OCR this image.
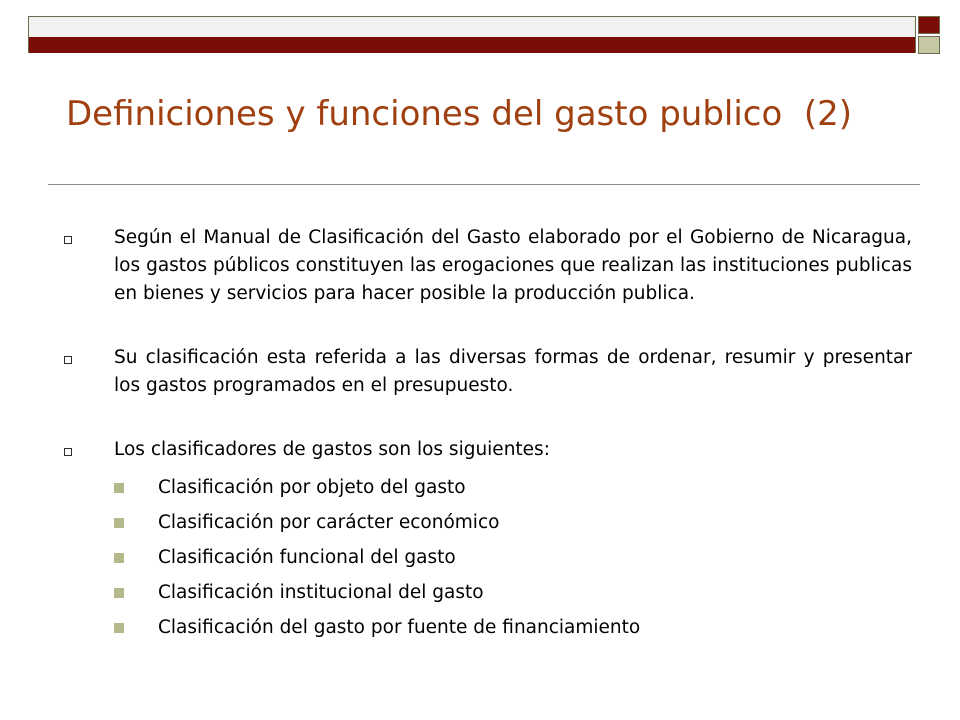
Definiciones y funciones del gasto publico  (2)
Según el Manual de Clasificación del Gasto elaborado por el Gobierno de Nicaragua, los gastos públicos constituyen las erogaciones que realizan las instituciones publicas en bienes y servicios para hacer posible la producción publica.
Su clasificación esta referida a las diversas formas de ordenar, resumir y presentar los gastos programados en el presupuesto.
Los clasificadores de gastos son los siguientes:
Clasificación por objeto del gasto
Clasificación por carácter económico
Clasificación funcional del gasto
Clasificación institucional del gasto
Clasificación del gasto por fuente de financiamiento
